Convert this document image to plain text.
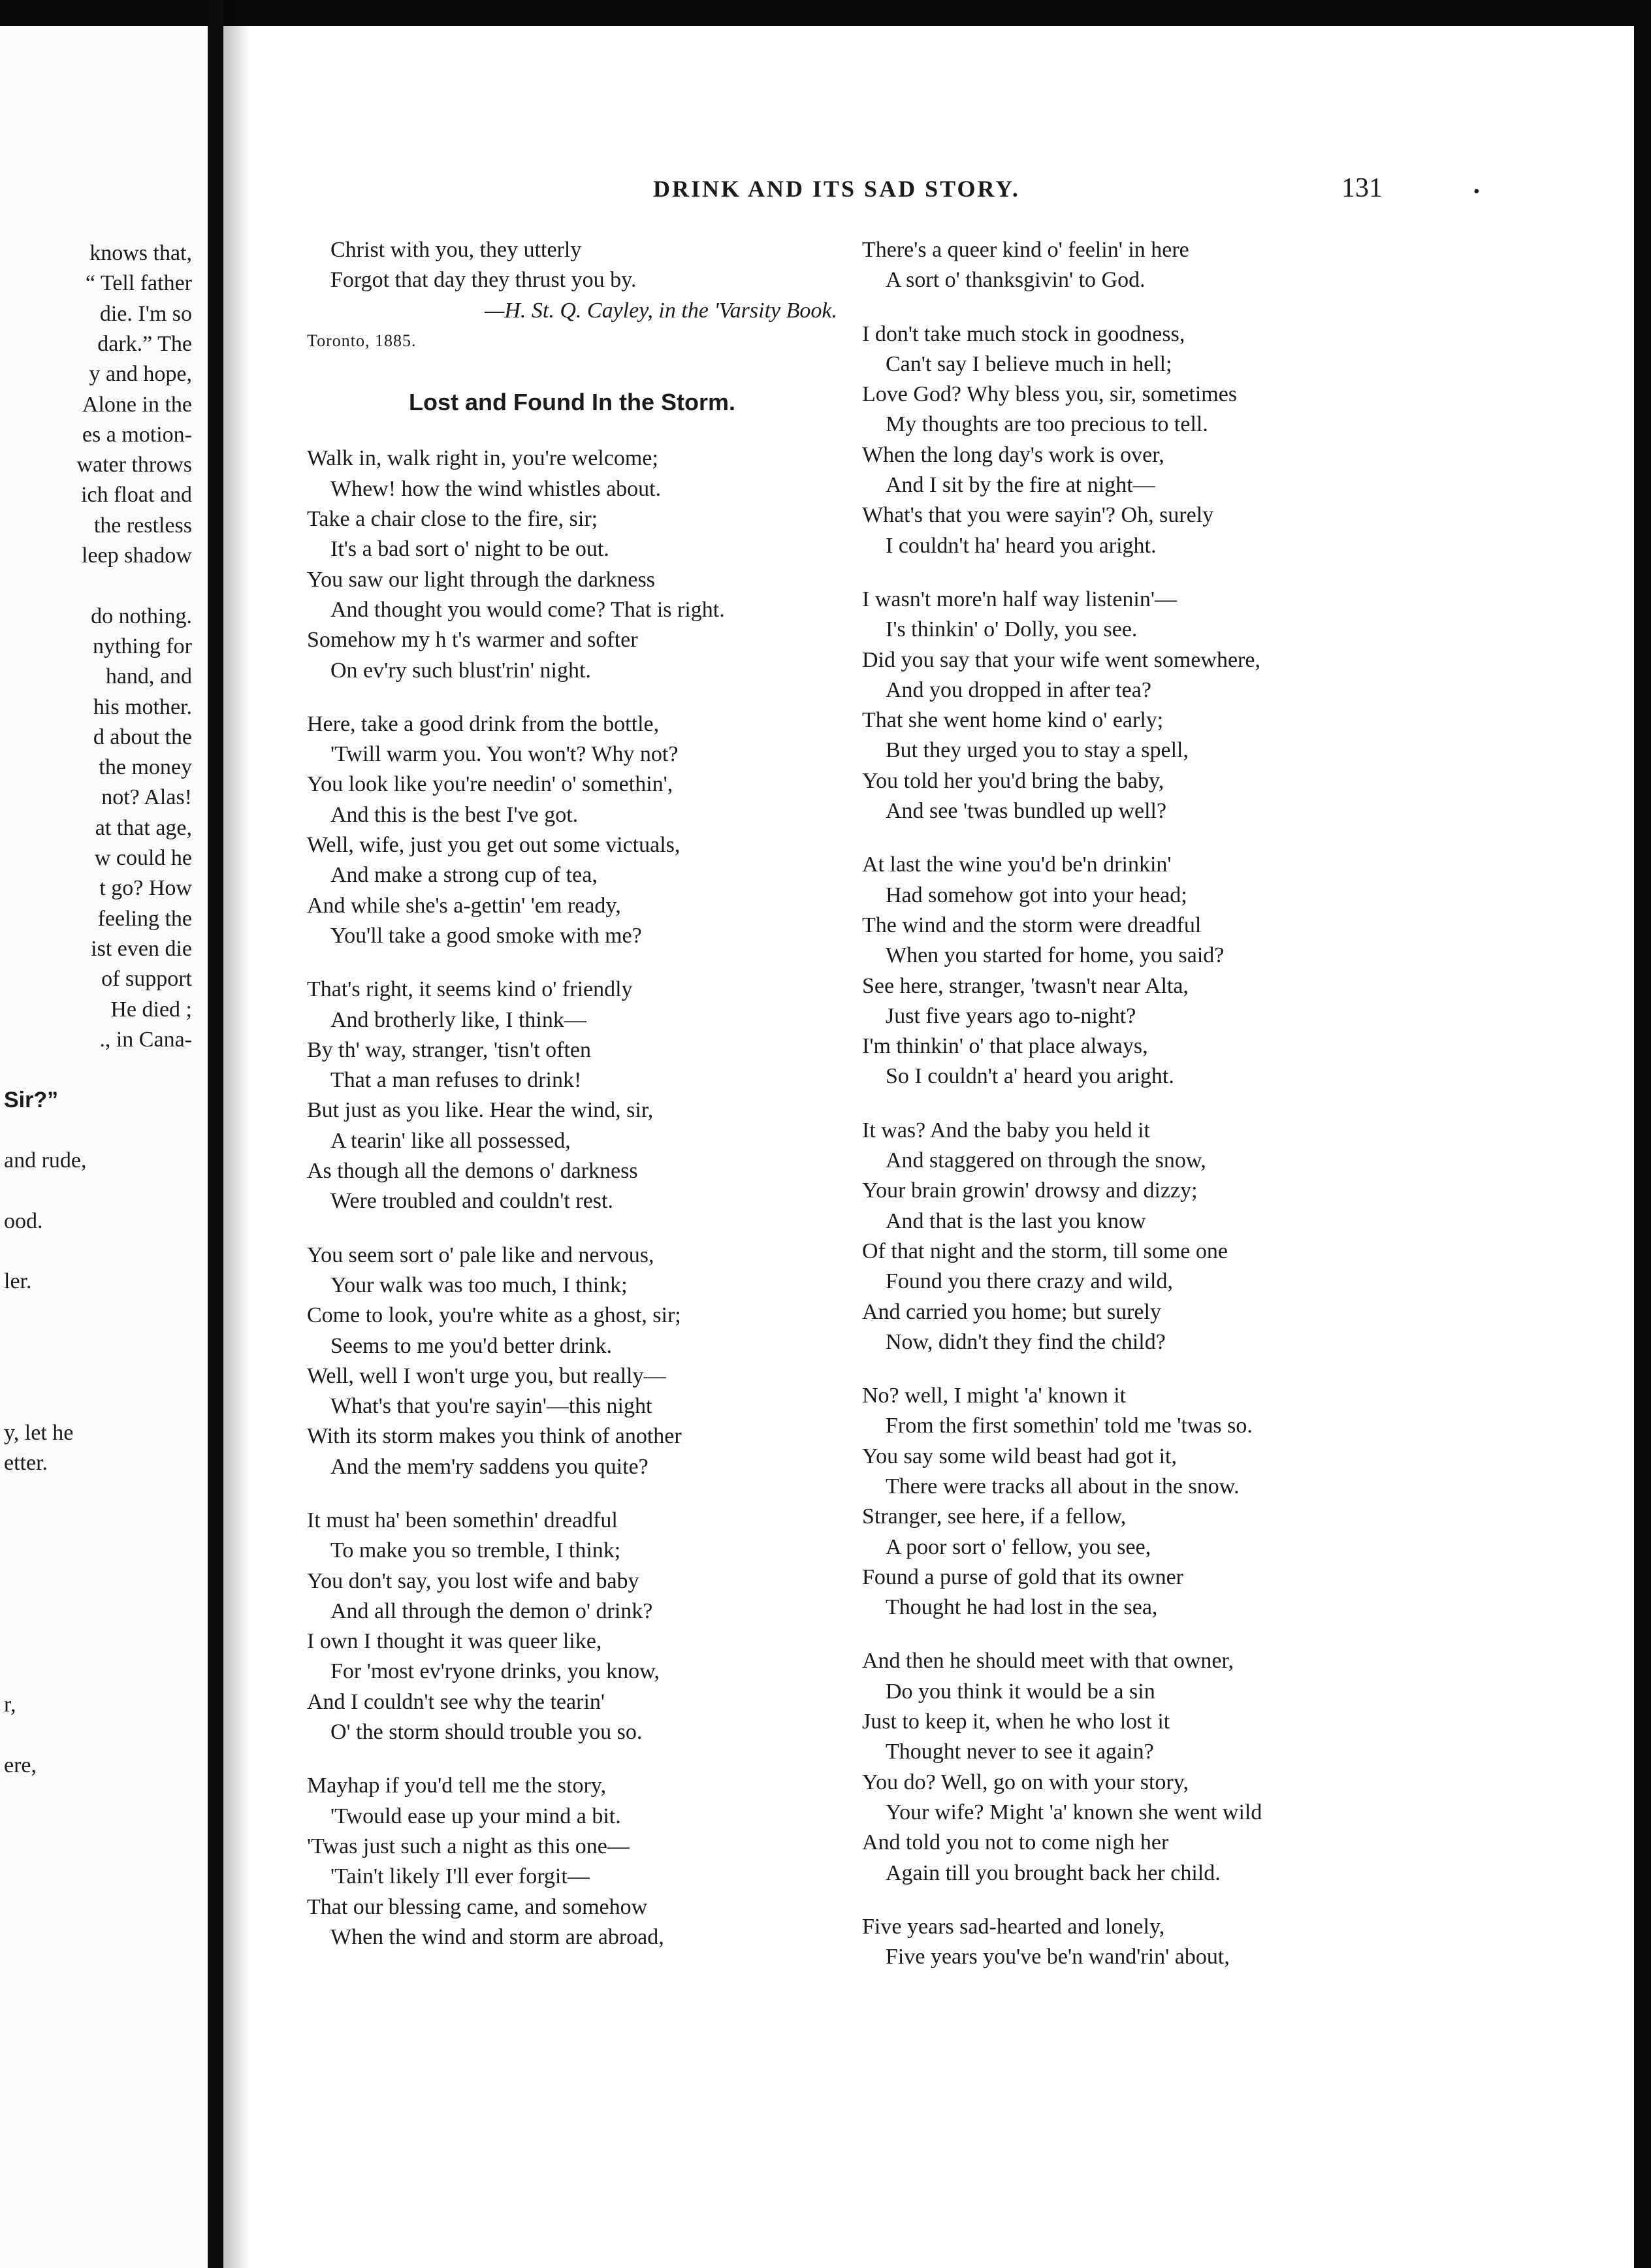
knows that,
“ Tell father
die. I'm so
dark.” The
y and hope,
Alone in the
es a motion-
water throws
ich float and
the restless
leep shadow
do nothing.
nything for
hand, and
his mother.
d about the
the money
not? Alas!
at that age,
w could he
t go? How
feeling the
ist even die
of support
He died ;
., in Cana-
Sir?”
and rude,
ood.
ler.
y, let he
etter.
r,
ere,
DRINK AND ITS SAD STORY.	131	•
Christ with you, they utterly
Forgot that day they thrust you by.
—H. St. Q. Cayley, in the 'Varsity Book.
Toronto, 1885.
Lost and Found In the Storm.
Walk in, walk right in, you're welcome;
Whew! how the wind whistles about.
Take a chair close to the fire, sir;
It's a bad sort o' night to be out.
You saw our light through the darkness
And thought you would come? That is right.
Somehow my h t's warmer and softer
On ev'ry such blust'rin' night.
Here, take a good drink from the bottle,
'Twill warm you. You won't? Why not?
You look like you're needin' o' somethin',
And this is the best I've got.
Well, wife, just you get out some victuals,
And make a strong cup of tea,
And while she's a-gettin' 'em ready,
You'll take a good smoke with me?
That's right, it seems kind o' friendly
And brotherly like, I think—
By th' way, stranger, 'tisn't often
That a man refuses to drink!
But just as you like. Hear the wind, sir,
A tearin' like all possessed,
As though all the demons o' darkness
Were troubled and couldn't rest.
You seem sort o' pale like and nervous,
Your walk was too much, I think;
Come to look, you're white as a ghost, sir;
Seems to me you'd better drink.
Well, well I won't urge you, but really—
What's that you're sayin'—this night
With its storm makes you think of another
And the mem'ry saddens you quite?
It must ha' been somethin' dreadful
To make you so tremble, I think;
You don't say, you lost wife and baby
And all through the demon o' drink?
I own I thought it was queer like,
For 'most ev'ryone drinks, you know,
And I couldn't see why the tearin'
O' the storm should trouble you so.
Mayhap if you'd tell me the story,
'Twould ease up your mind a bit.
'Twas just such a night as this one—
'Tain't likely I'll ever forgit—
That our blessing came, and somehow
When the wind and storm are abroad,
There's a queer kind o' feelin' in here
A sort o' thanksgivin' to God.
I don't take much stock in goodness,
Can't say I believe much in hell;
Love God? Why bless you, sir, sometimes
My thoughts are too precious to tell.
When the long day's work is over,
And I sit by the fire at night—
What's that you were sayin'? Oh, surely
I couldn't ha' heard you aright.
I wasn't more'n half way listenin'—
I's thinkin' o' Dolly, you see.
Did you say that your wife went somewhere,
And you dropped in after tea?
That she went home kind o' early;
But they urged you to stay a spell,
You told her you'd bring the baby,
And see 'twas bundled up well?
At last the wine you'd be'n drinkin'
Had somehow got into your head;
The wind and the storm were dreadful
When you started for home, you said?
See here, stranger, 'twasn't near Alta,
Just five years ago to-night?
I'm thinkin' o' that place always,
So I couldn't a' heard you aright.
It was? And the baby you held it
And staggered on through the snow,
Your brain growin' drowsy and dizzy;
And that is the last you know
Of that night and the storm, till some one
Found you there crazy and wild,
And carried you home; but surely
Now, didn't they find the child?
No? well, I might 'a' known it
From the first somethin' told me 'twas so.
You say some wild beast had got it,
There were tracks all about in the snow.
Stranger, see here, if a fellow,
A poor sort o' fellow, you see,
Found a purse of gold that its owner
Thought he had lost in the sea,
And then he should meet with that owner,
Do you think it would be a sin
Just to keep it, when he who lost it
Thought never to see it again?
You do? Well, go on with your story,
Your wife? Might 'a' known she went wild
And told you not to come nigh her
Again till you brought back her child.
Five years sad-hearted and lonely,
Five years you've be'n wand'rin' about,
